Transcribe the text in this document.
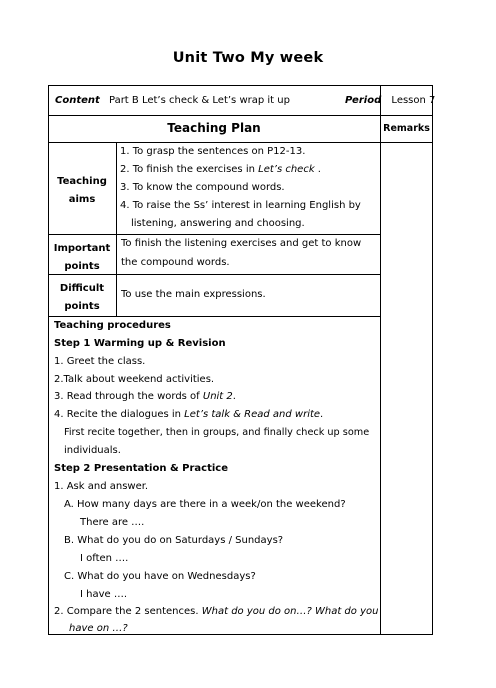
Unit Two My week
Content Part B Let’s check & Let’s wrap it up	Period Lesson 7
Teaching Plan	Remarks
Teaching
aims
1. To grasp the sentences on P12-13.
2. To finish the exercises in Let’s check .
3. To know the compound words.
4. To raise the Ss’ interest in learning English by
listening, answering and choosing.
Important
points
To finish the listening exercises and get to know
the compound words.
Difficult
points
To use the main expressions.
Teaching procedures
Step 1 Warming up & Revision
1. Greet the class.
2.Talk about weekend activities.
3. Read through the words of Unit 2.
4. Recite the dialogues in Let’s talk & Read and write.
First recite together, then in groups, and finally check up some
individuals.
Step 2 Presentation & Practice
1. Ask and answer.
A. How many days are there in a week/on the weekend?
There are ….
B. What do you do on Saturdays / Sundays?
I often ….
C. What do you have on Wednesdays?
I have ….
2. Compare the 2 sentences. What do you do on…? What do you
have on …?
